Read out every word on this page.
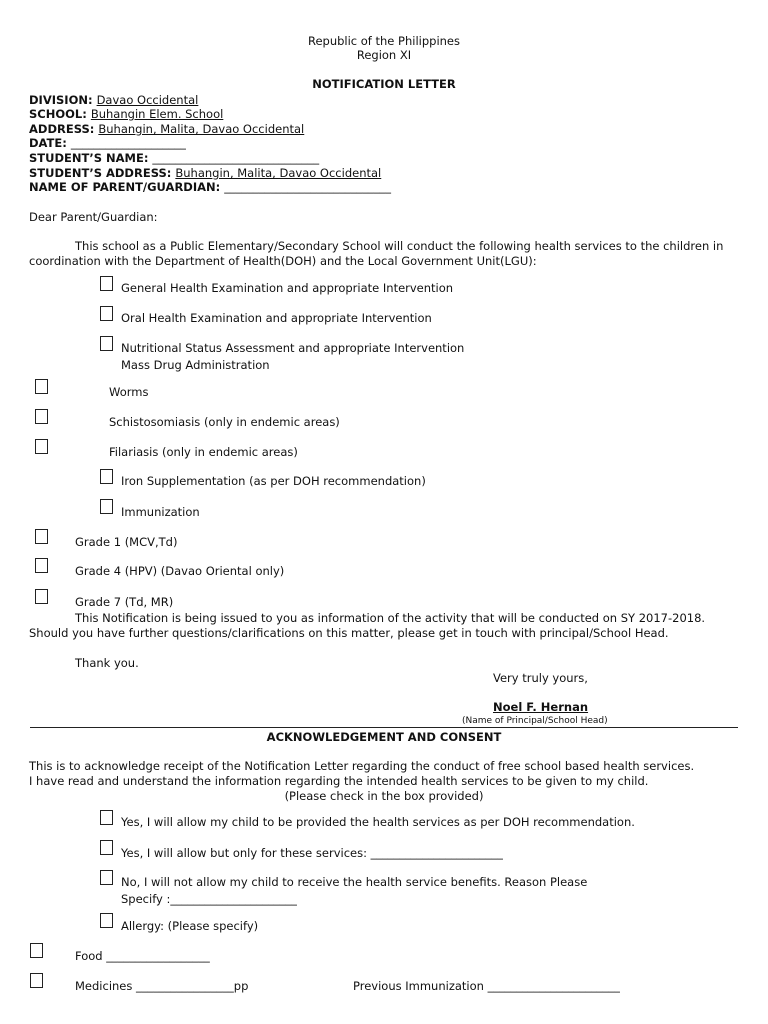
Republic of the Philippines
Region XI
NOTIFICATION LETTER
DIVISION: Davao Occidental
SCHOOL: Buhangin Elem. School
ADDRESS: Buhangin, Malita, Davao Occidental
DATE: ____________________
STUDENT’S NAME: _____________________________
STUDENT’S ADDRESS: Buhangin, Malita, Davao Occidental
NAME OF PARENT/GUARDIAN: _____________________________
Dear Parent/Guardian:
This school as a Public Elementary/Secondary School will conduct the following health services to the children in
coordination with the Department of Health(DOH) and the Local Government Unit(LGU):
General Health Examination and appropriate Intervention
Oral Health Examination and appropriate Intervention
Nutritional Status Assessment and appropriate Intervention
Mass Drug Administration
Worms
Schistosomiasis (only in endemic areas)
Filariasis (only in endemic areas)
Iron Supplementation (as per DOH recommendation)
Immunization
Grade 1 (MCV,Td)
Grade 4 (HPV) (Davao Oriental only)
Grade 7 (Td, MR)
This Notification is being issued to you as information of the activity that will be conducted on SY 2017-2018.
Should you have further questions/clarifications on this matter, please get in touch with principal/School Head.
Thank you.
Very truly yours,
Noel F. Hernan
(Name of Principal/School Head)
ACKNOWLEDGEMENT AND CONSENT
This is to acknowledge receipt of the Notification Letter regarding the conduct of free school based health services.
I have read and understand the information regarding the intended health services to be given to my child.
(Please check in the box provided)
Yes, I will allow my child to be provided the health services as per DOH recommendation.
Yes, I will allow but only for these services: _______________________
No, I will not allow my child to receive the health service benefits. Reason Please
Specify :______________________
Allergy: (Please specify)
Food __________________
Medicines _________________pp	Previous Immunization _______________________
